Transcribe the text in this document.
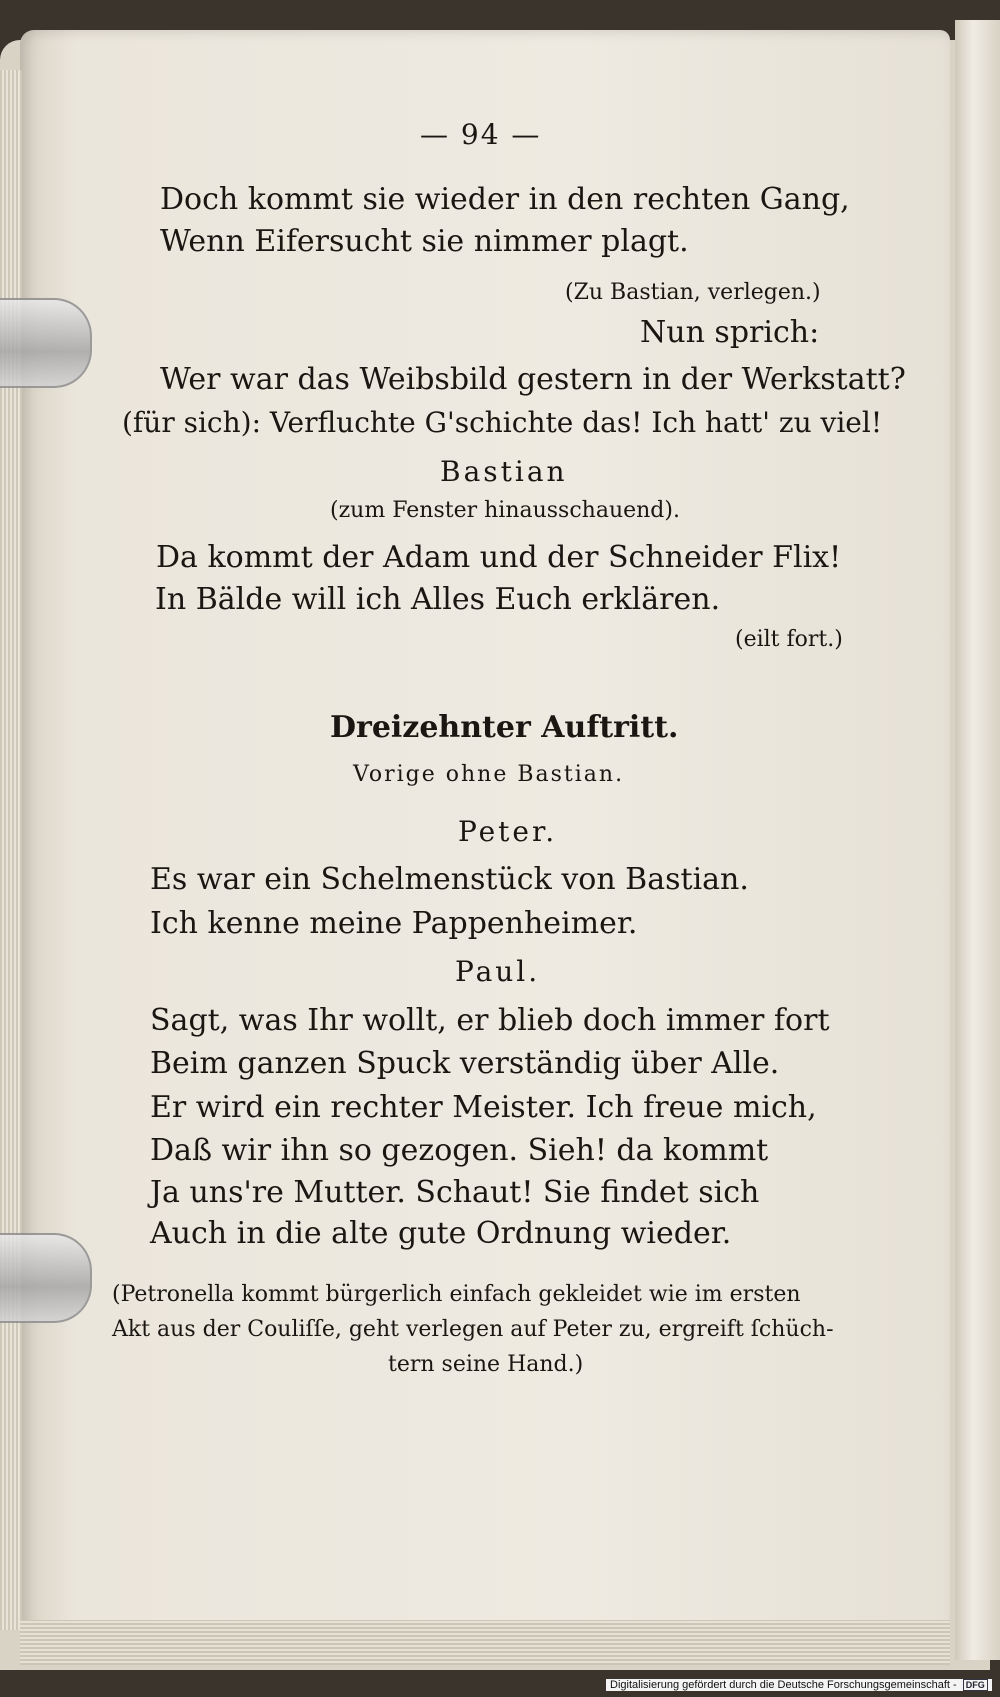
— 94 —
Doch kommt sie wieder in den rechten Gang,
Wenn Eifersucht sie nimmer plagt.
(Zu Bastian, verlegen.)
Nun sprich:
Wer war das Weibsbild gestern in der Werkstatt?
(für sich): Verfluchte G'schichte das! Ich hatt' zu viel!
Bastian
(zum Fenster hinausschauend).
Da kommt der Adam und der Schneider Flix!
In Bälde will ich Alles Euch erklären.
(eilt fort.)
Dreizehnter Auftritt.
Vorige ohne Bastian.
Peter.
Es war ein Schelmenstück von Bastian.
Ich kenne meine Pappenheimer.
Paul.
Sagt, was Ihr wollt, er blieb doch immer fort
Beim ganzen Spuck verständig über Alle.
Er wird ein rechter Meister. Ich freue mich,
Daß wir ihn so gezogen. Sieh! da kommt
Ja uns're Mutter. Schaut! Sie findet sich
Auch in die alte gute Ordnung wieder.
(Petronella kommt bürgerlich einfach gekleidet wie im ersten
Akt aus der Couliſſe, geht verlegen auf Peter zu, ergreift ſchüch-
tern seine Hand.)
Digitalisierung gefördert durch die Deutsche Forschungsgemeinschaft - DFG
